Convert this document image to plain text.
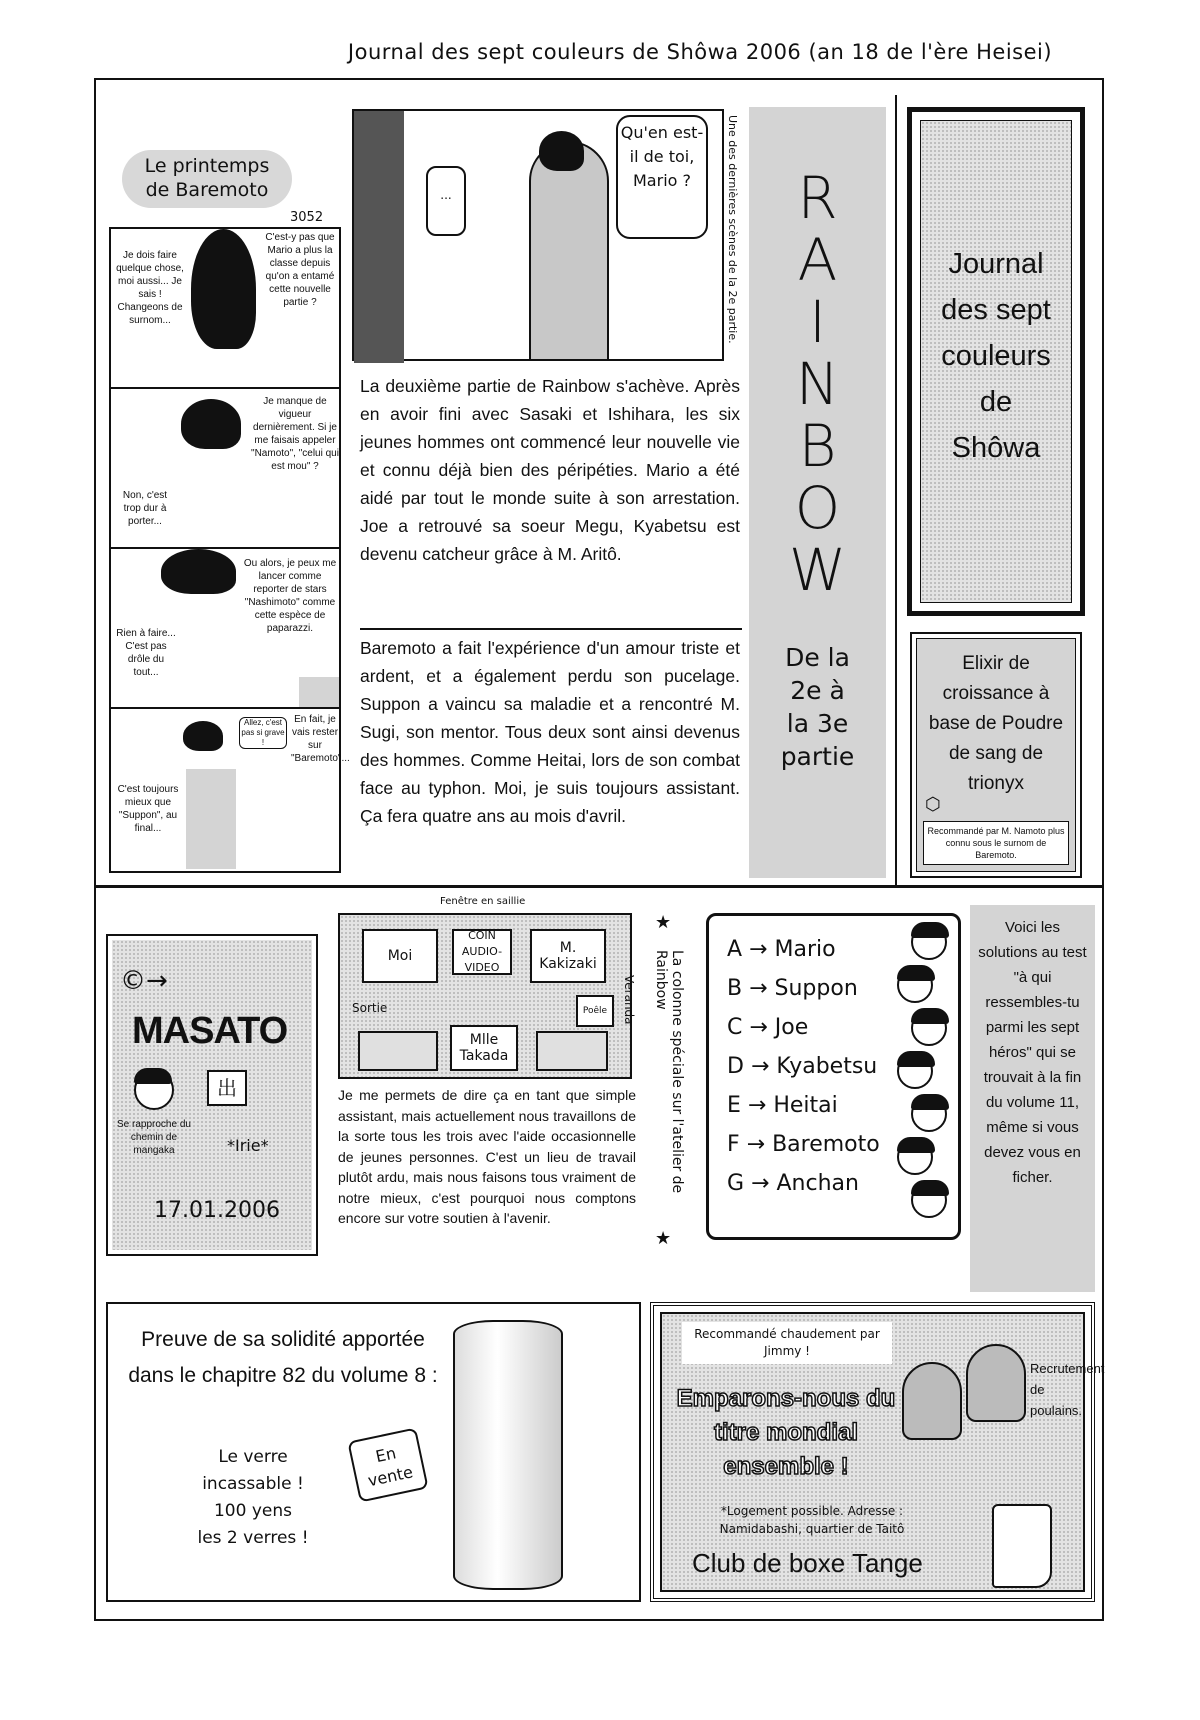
Journal des sept couleurs de Shôwa 2006 (an 18 de l'ère Heisei)
Le printemps
de Baremoto
3052
Je dois faire quelque chose, moi aussi... Je sais ! Changeons de surnom...
C'est-y pas que Mario a plus la classe depuis qu'on a entamé cette nouvelle partie ?
Non, c'est trop dur à porter...
Je manque de vigueur dernièrement. Si je me faisais appeler "Namoto", "celui qui est mou" ?
Rien à faire... C'est pas drôle du tout...
Ou alors, je peux me lancer comme reporter de stars "Nashimoto" comme cette espèce de paparazzi.
C'est toujours mieux que "Suppon", au final...
Allez, c'est pas si grave !
En fait, je vais rester sur "Baremoto"...
...
Qu'en est-il de toi, Mario ?	Une des dernières scènes de la 2e partie.
La deuxième partie de Rainbow s'achève. Après en avoir fini avec Sasaki et Ishihara, les six jeunes hommes ont commencé leur nouvelle vie et connu déjà bien des péripéties. Mario a été aidé par tout le monde suite à son arrestation. Joe a retrouvé sa soeur Megu, Kyabetsu est devenu catcheur grâce à M. Aritô.
Baremoto a fait l'expérience d'un amour triste et ardent, et a également perdu son pucelage. Suppon a vaincu sa maladie et a rencontré M. Sugi, son mentor. Tous deux sont ainsi devenus des hommes. Comme Heitai, lors de son combat face au typhon. Moi, je suis toujours assistant. Ça fera quatre ans au mois d'avril.
R
A
I
N
B
O
W
De la
2e à
la 3e
partie
Journal
des sept
couleurs
de
Shôwa
Elixir de
croissance à
base de Poudre
de sang de
trionyx
⬡
Recommandé par M. Namoto plus connu sous le surnom de Baremoto.
©→
MASATO
出
Se rapproche du chemin de mangaka	*Irie*
17.01.2006
Fenêtre en saillie
Moi
COIN AUDIO-VIDEO
M. Kakizaki
Poêle
Mlle Takada
Sortie	Veranda
Je me permets de dire ça en tant que simple assistant, mais actuellement nous travaillons de la sorte tous les trois avec l'aide occasionnelle de jeunes personnes. C'est un lieu de travail plutôt ardu, mais nous faisons tous vraiment de notre mieux, c'est pourquoi nous comptons encore sur votre soutien à l'avenir.
★
La colonne spéciale sur l'atelier de Rainbow
★
A → Mario
B → Suppon
C → Joe
D → Kyabetsu
E → Heitai
F → Baremoto
G → Anchan
Voici les solutions au test "à qui ressembles-tu parmi les sept héros" qui se trouvait à la fin du volume 11, même si vous devez vous en ficher.
Preuve de sa solidité apportée dans le chapitre 82 du volume 8 :
Le verre
incassable !
100 yens
les 2 verres !
En vente
Recommandé chaudement par Jimmy !
Emparons-nous du titre mondial ensemble !
Recrutement de poulains.
*Logement possible. Adresse : Namidabashi, quartier de Taitô
Club de boxe Tange
